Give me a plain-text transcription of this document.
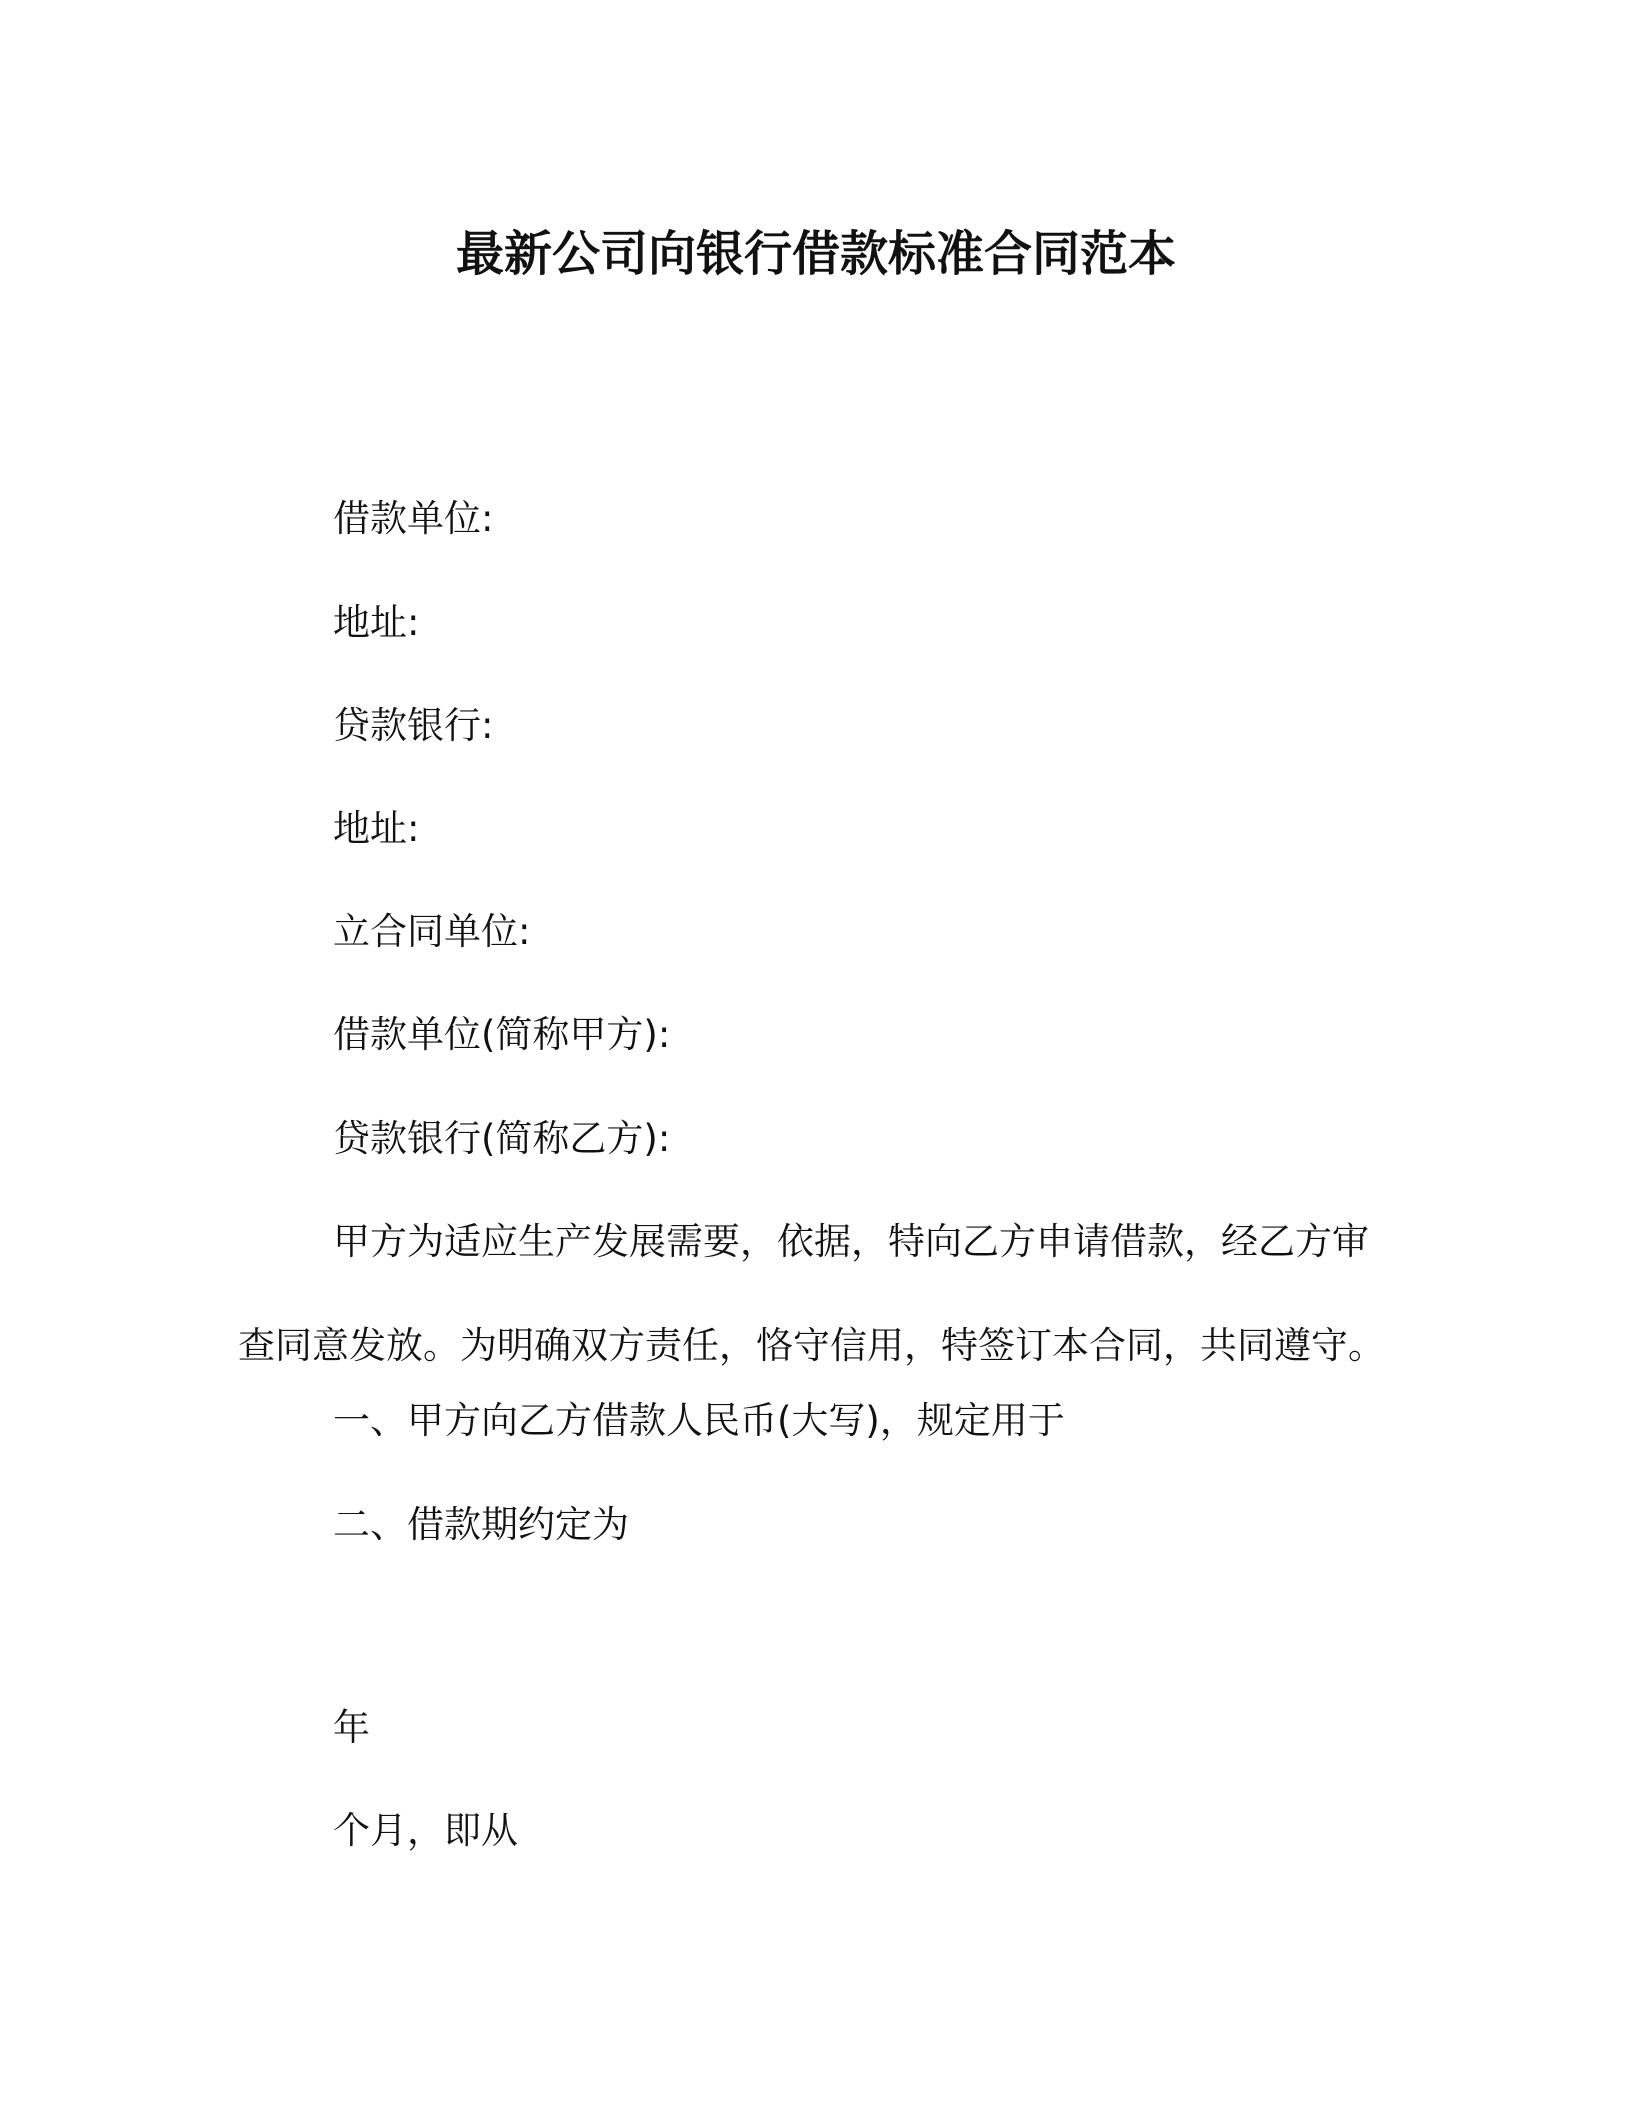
最新公司向银行借款标准合同范本
借款单位:
地址:
贷款银行:
地址:
立合同单位:
借款单位(简称甲方):
贷款银行(简称乙方):
甲方为适应生产发展需要，依据，特向乙方申请借款，经乙方审
查同意发放。为明确双方责任，恪守信用，特签订本合同，共同遵守。
一、甲方向乙方借款人民币(大写)，规定用于
二、借款期约定为
年
个月，即从
